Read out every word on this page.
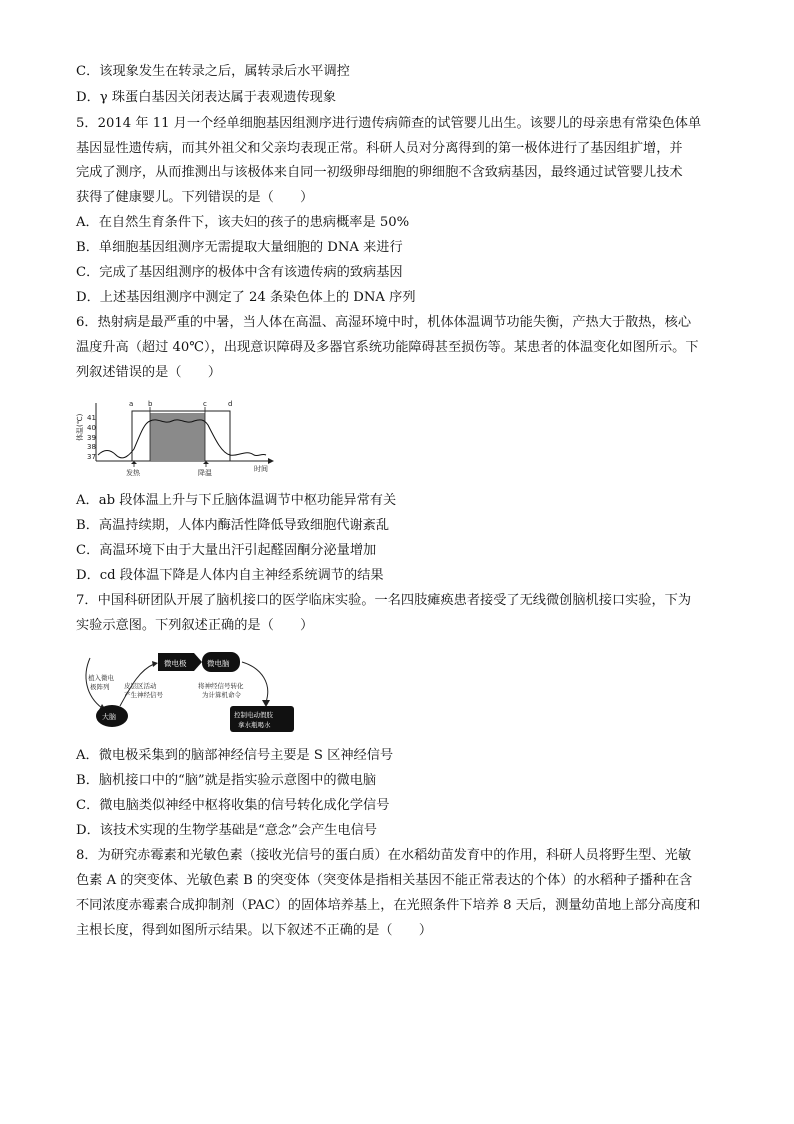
C．该现象发生在转录之后，属转录后水平调控
D．γ 珠蛋白基因关闭表达属于表观遗传现象
5．2014 年 11 月一个经单细胞基因组测序进行遗传病筛查的试管婴儿出生。该婴儿的母亲患有常染色体单
基因显性遗传病，而其外祖父和父亲均表现正常。科研人员对分离得到的第一极体进行了基因组扩增，并
完成了测序，从而推测出与该极体来自同一初级卵母细胞的卵细胞不含致病基因，最终通过试管婴儿技术
获得了健康婴儿。下列错误的是（　　）
A．在自然生育条件下，该夫妇的孩子的患病概率是 50%
B．单细胞基因组测序无需提取大量细胞的 DNA 来进行
C．完成了基因组测序的极体中含有该遗传病的致病基因
D．上述基因组测序中测定了 24 条染色体上的 DNA 序列
6．热射病是最严重的中暑，当人体在高温、高湿环境中时，机体体温调节功能失衡，产热大于散热，核心
温度升高（超过 40℃），出现意识障碍及多器官系统功能障碍甚至损伤等。某患者的体温变化如图所示。下
列叙述错误的是（　　）
41
40
39
38
37
体温(℃)
a b	c	d
发热	降温	时间
A．ab 段体温上升与下丘脑体温调节中枢功能异常有关
B．高温持续期，人体内酶活性降低导致细胞代谢紊乱
C．高温环境下由于大量出汗引起醛固酮分泌量增加
D．cd 段体温下降是人体内自主神经系统调节的结果
7．中国科研团队开展了脑机接口的医学临床实验。一名四肢瘫痪患者接受了无线微创脑机接口实验，下为
实验示意图。下列叙述正确的是（　　）
植入微电
极阵列
大脑
皮层区活动
产生神经信号
微电极	微电脑
将神经信号转化
为计算机命令
控制电动假肢
拿水瓶喝水
A．微电极采集到的脑部神经信号主要是 S 区神经信号
B．脑机接口中的“脑”就是指实验示意图中的微电脑
C．微电脑类似神经中枢将收集的信号转化成化学信号
D．该技术实现的生物学基础是“意念”会产生电信号
8．为研究赤霉素和光敏色素（接收光信号的蛋白质）在水稻幼苗发育中的作用，科研人员将野生型、光敏
色素 A 的突变体、光敏色素 B 的突变体（突变体是指相关基因不能正常表达的个体）的水稻种子播种在含
不同浓度赤霉素合成抑制剂（PAC）的固体培养基上，在光照条件下培养 8 天后，测量幼苗地上部分高度和
主根长度，得到如图所示结果。以下叙述不正确的是（　　）
